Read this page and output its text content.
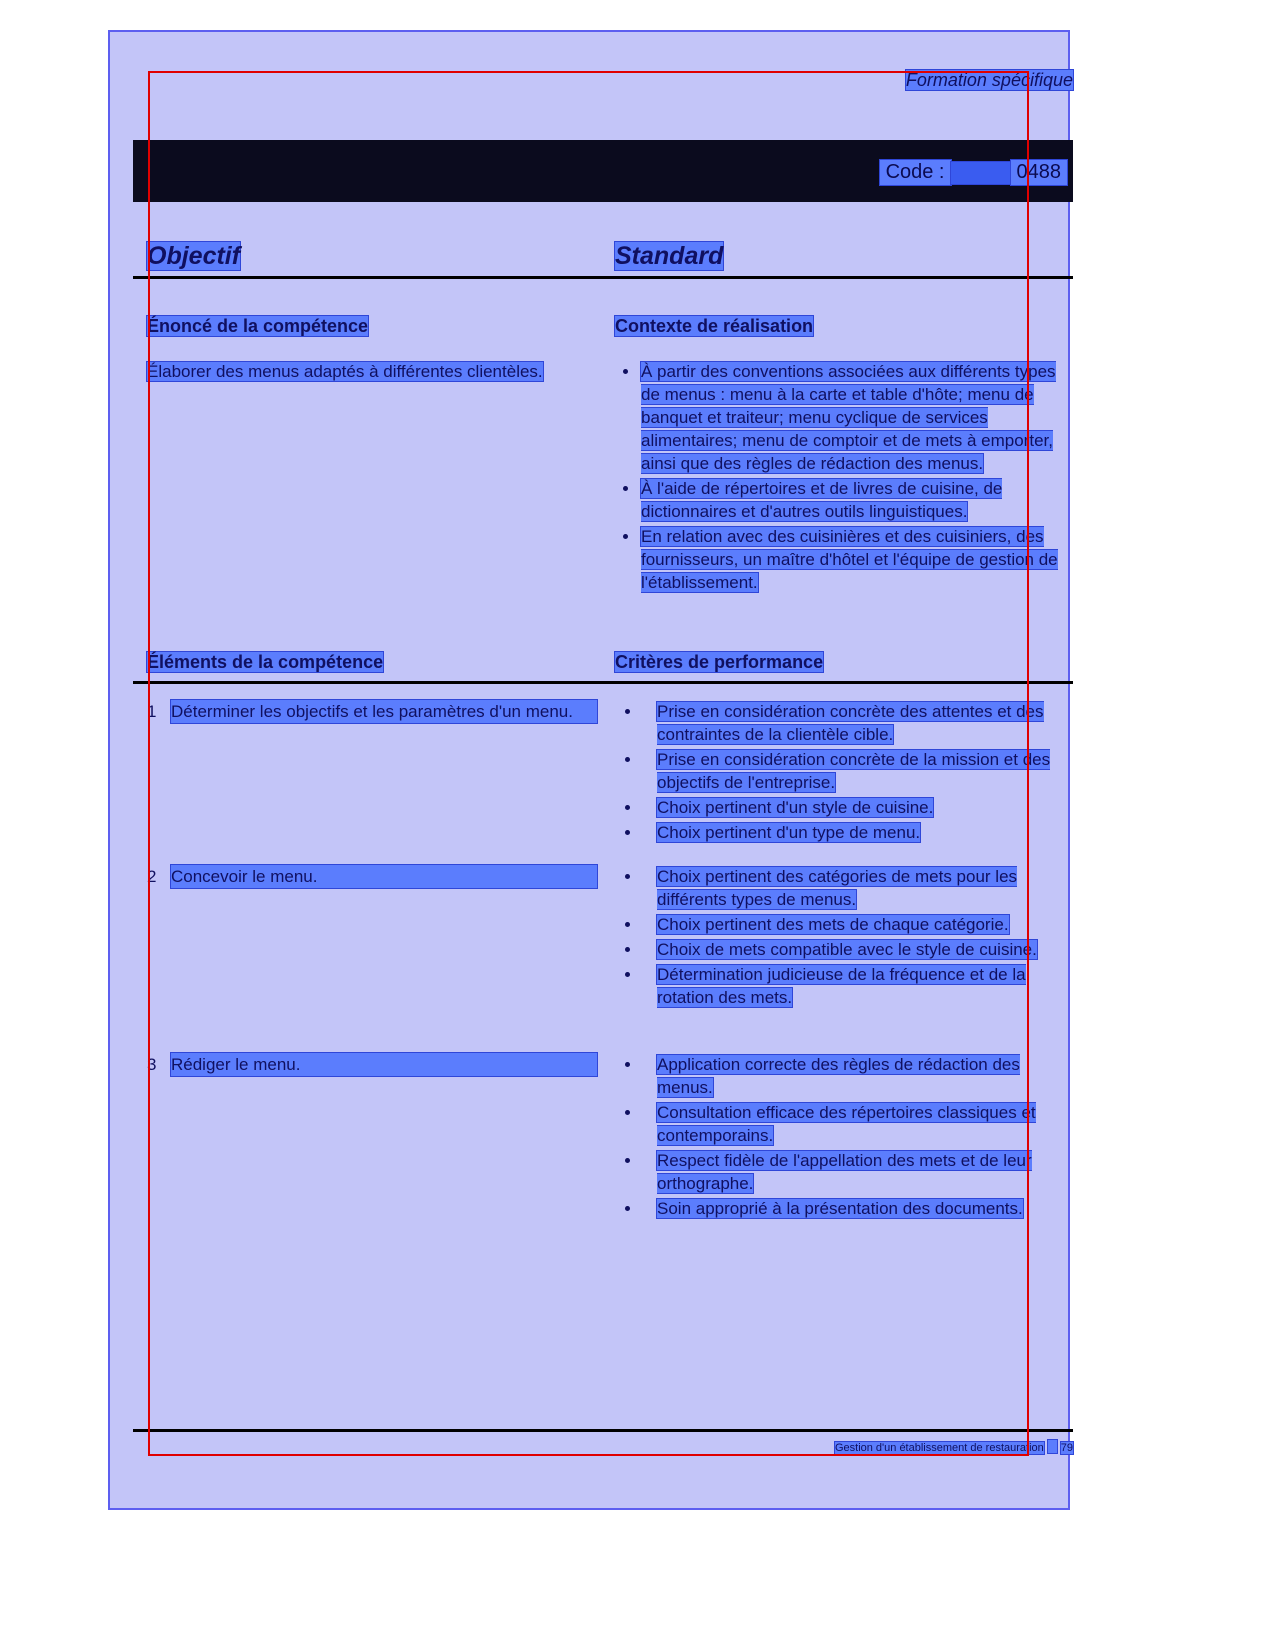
Formation spécifique
Code :	0488
Objectif	Standard
Énoncé de la compétence	Contexte de réalisation
Élaborer des menus adaptés à différentes clientèles.	À partir des conventions associées aux différents types de menus : menu à la carte et table d'hôte; menu de banquet et traiteur; menu cyclique de services alimentaires; menu de comptoir et de mets à emporter, ainsi que des règles de rédaction des menus.
À l'aide de répertoires et de livres de cuisine, de dictionnaires et d'autres outils linguistiques.
En relation avec des cuisinières et des cuisiniers, des fournisseurs, un maître d'hôtel et l'équipe de gestion de l'établissement.
Éléments de la compétence	Critères de performance
1 Déterminer les objectifs et les paramètres d'un menu.	Prise en considération concrète des attentes et des contraintes de la clientèle cible.
Prise en considération concrète de la mission et des objectifs de l'entreprise.
Choix pertinent d'un style de cuisine.
Choix pertinent d'un type de menu.
2 Concevoir le menu.	Choix pertinent des catégories de mets pour les différents types de menus.
Choix pertinent des mets de chaque catégorie.
Choix de mets compatible avec le style de cuisine.
Détermination judicieuse de la fréquence et de la rotation des mets.
3 Rédiger le menu.	Application correcte des règles de rédaction des menus.
Consultation efficace des répertoires classiques et contemporains.
Respect fidèle de l'appellation des mets et de leur orthographe.
Soin approprié à la présentation des documents.
Gestion d'un établissement de restauration 79
